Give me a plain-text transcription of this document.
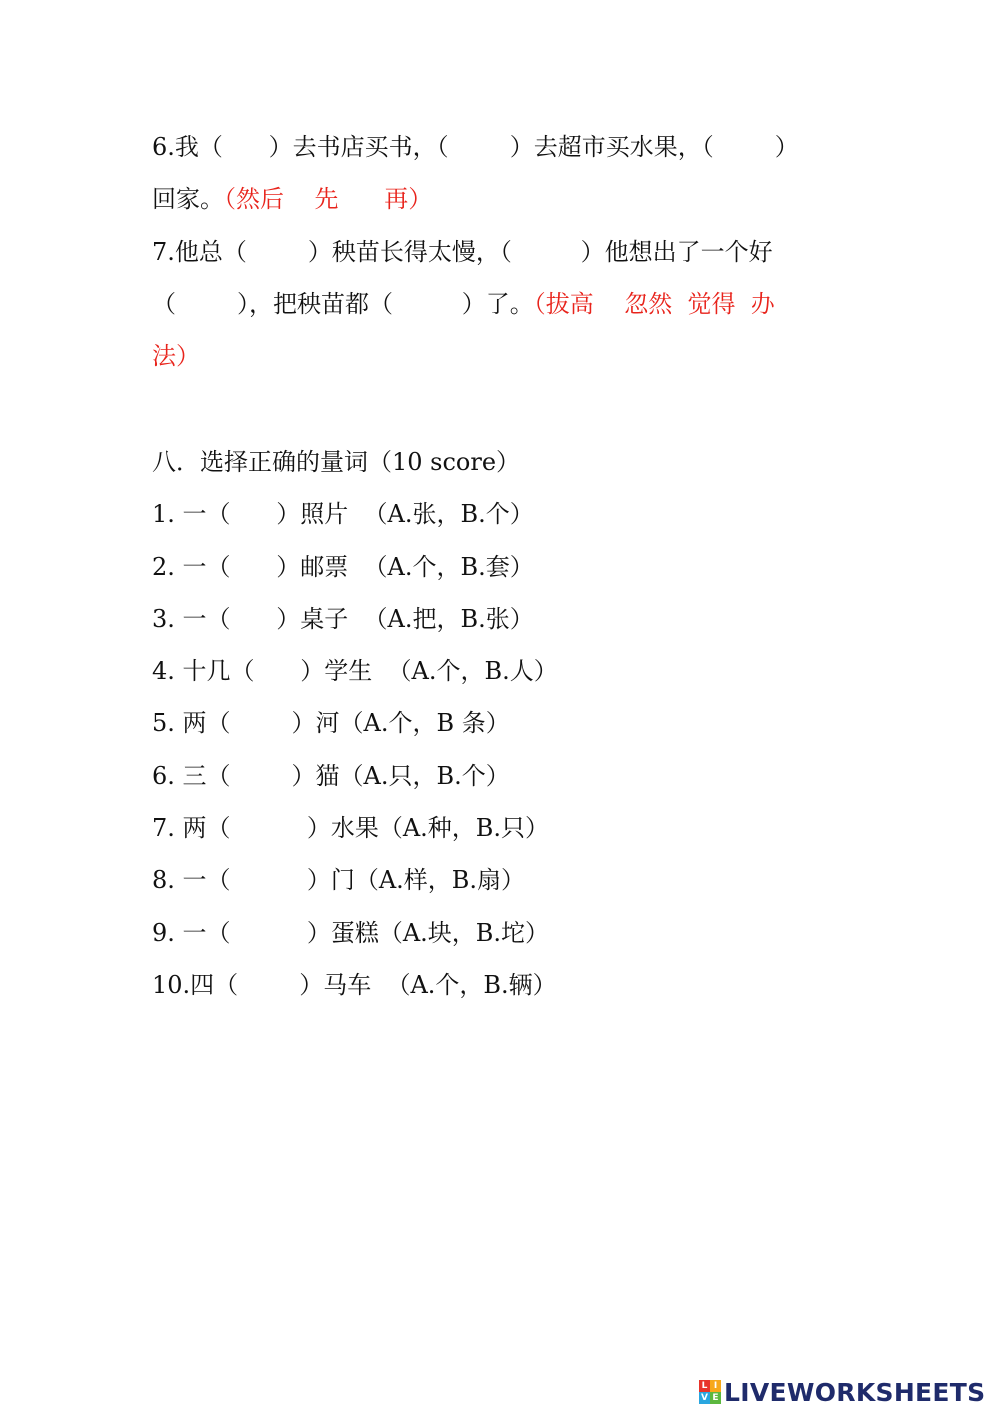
6.我（      ）去书店买书，（        ）去超市买水果，（        ）

回家。（然后    先      再）

7.他总（        ）秧苗长得太慢，（         ）他想出了一个好

（        ），把秧苗都（         ）了。（拔高    忽然  觉得  办

法）

八．选择正确的量词（10 score）

1. 一（      ）照片  （A.张，B.个）

2. 一（      ）邮票  （A.个，B.套）

3. 一（      ）桌子  （A.把，B.张）

4. 十几（      ）学生  （A.个，B.人）

5. 两（        ）河（A.个，B 条）

6. 三（        ）猫（A.只，B.个）

7. 两（          ）水果（A.种，B.只）

8. 一（          ）门（A.样，B.扇）

9. 一（          ）蛋糕（A.块，B.坨）

10.四（        ）马车  （A.个，B.辆）

L I
V E LIVEWORKSHEETS
